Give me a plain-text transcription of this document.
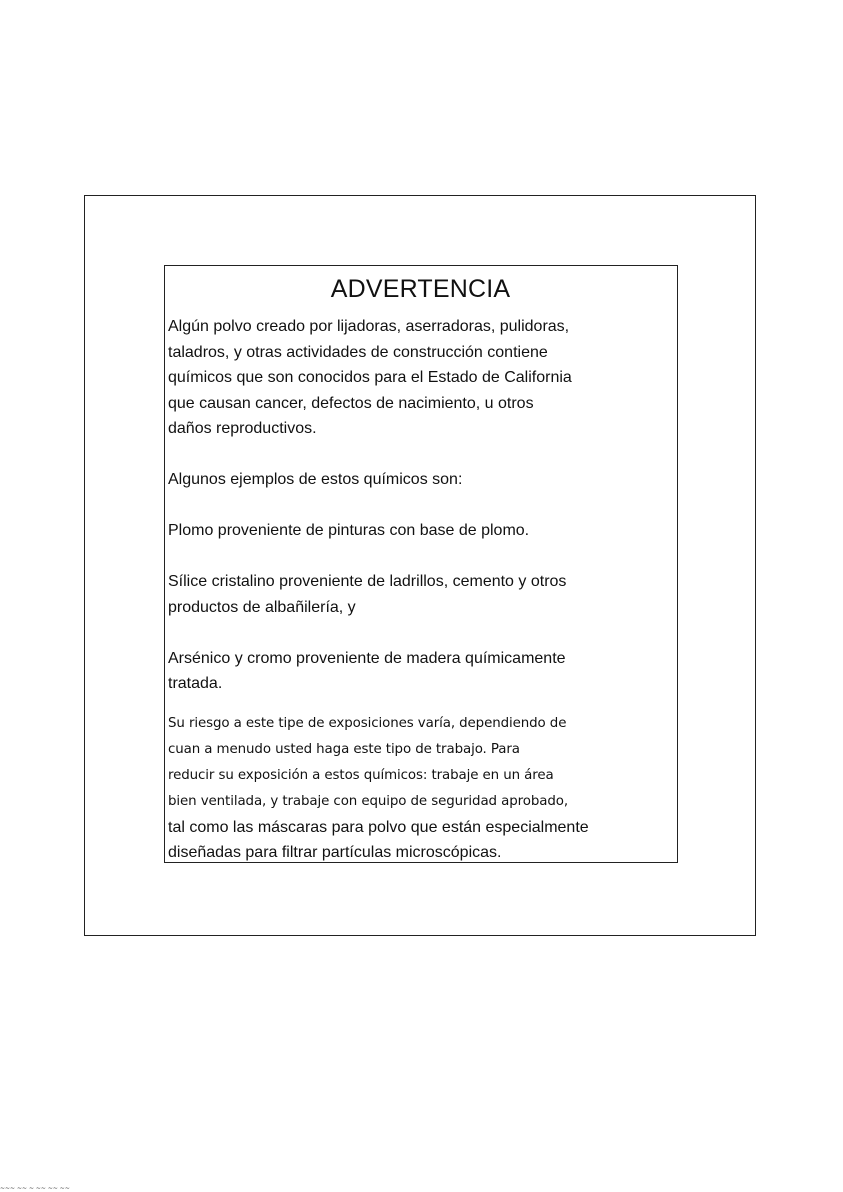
ADVERTENCIA

Algún polvo creado por lijadoras, aserradoras, pulidoras,
taladros, y otras actividades de construcción contiene
químicos que son conocidos para el Estado de California
que causan cancer, defectos de nacimiento, u otros
daños reproductivos.

Algunos ejemplos de estos químicos son:

Plomo proveniente de pinturas con base de plomo.

Sílice cristalino proveniente de ladrillos, cemento y otros
productos de albañilería, y

Arsénico y cromo proveniente de madera químicamente
tratada.

Su riesgo a este tipe de exposiciones varía, dependiendo de
cuan a menudo usted haga este tipo de trabajo. Para
reducir su exposición a estos químicos: trabaje en un área
bien ventilada, y trabaje con equipo de seguridad aprobado,
tal como las máscaras para polvo que están especialmente
diseñadas para filtrar partículas microscópicas.

~~~ ~~ ~ ~~ ~~ ~~
